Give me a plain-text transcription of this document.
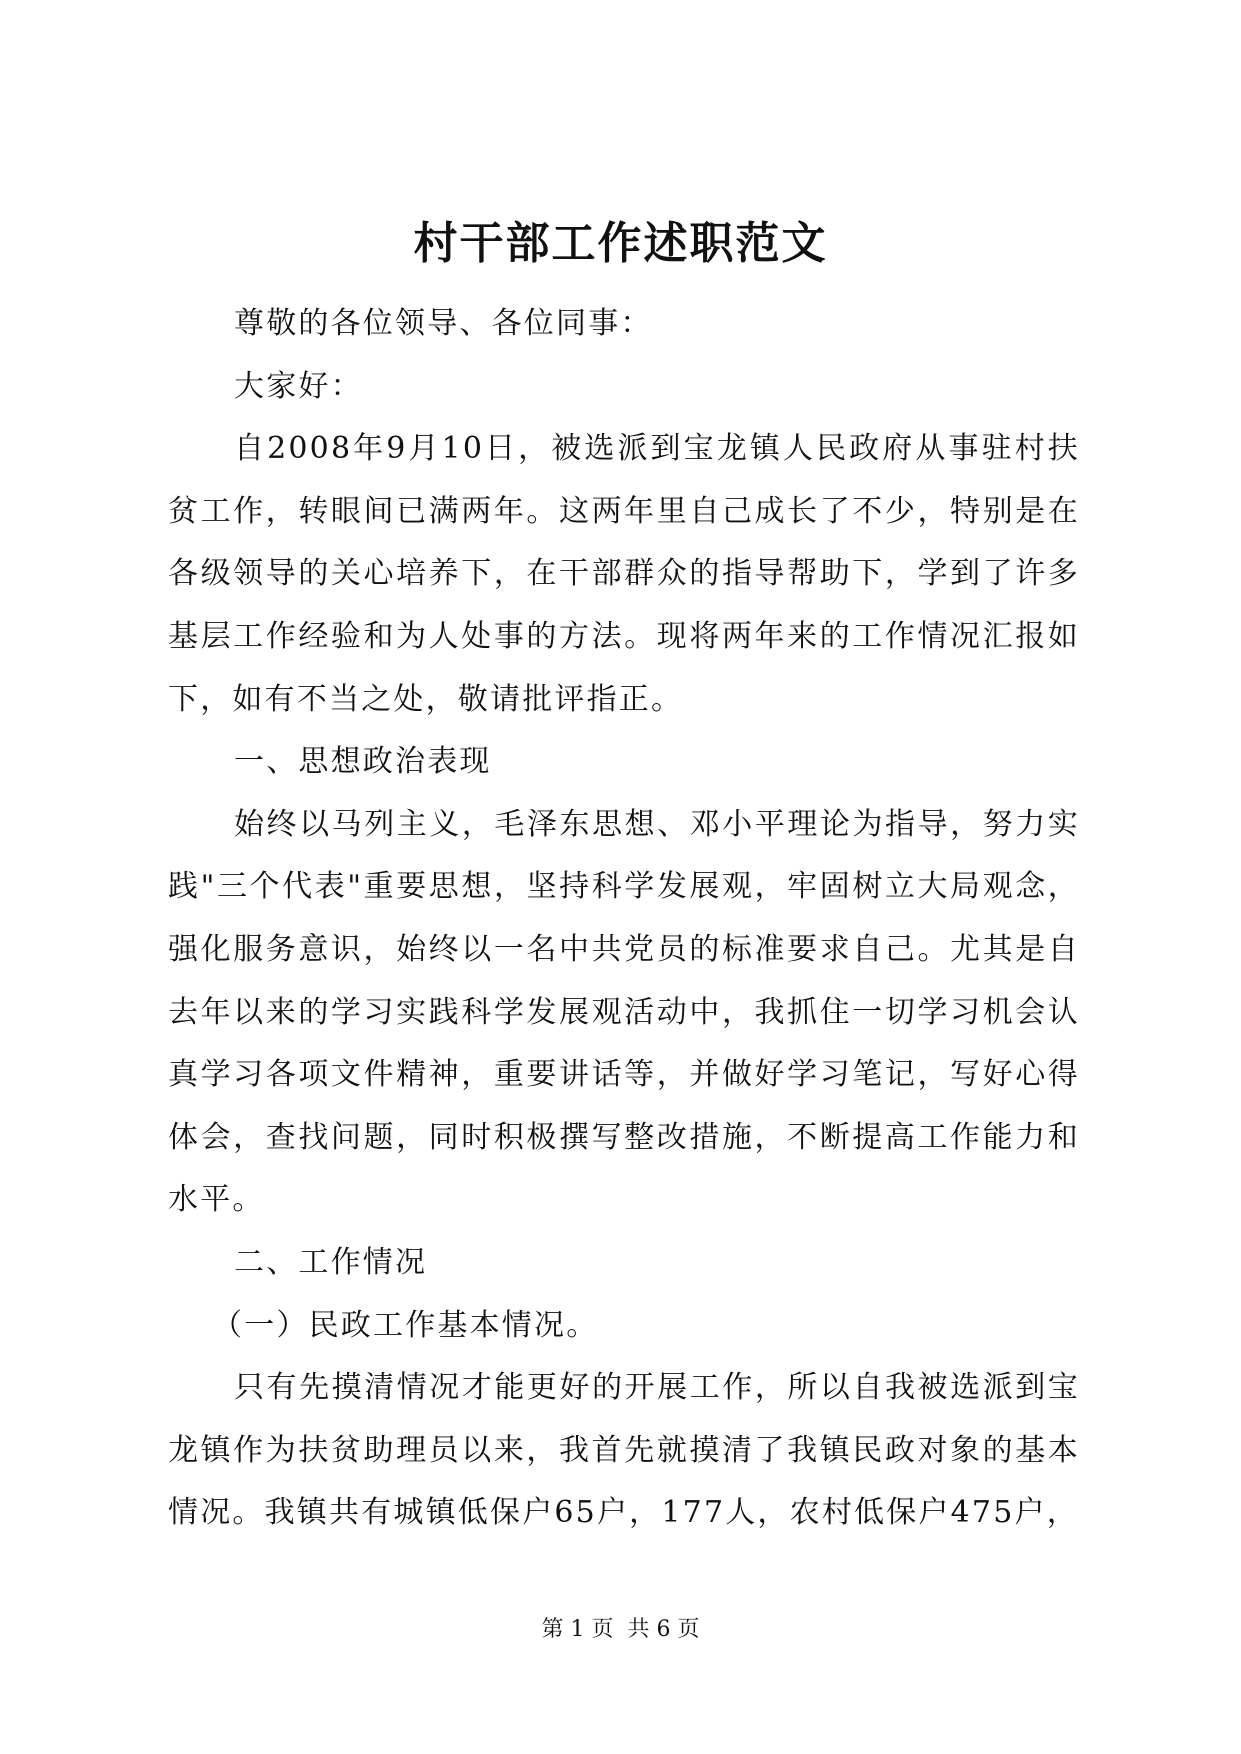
村干部工作述职范文

尊敬的各位领导、各位同事：

大家好：

自2008年9月10日，被选派到宝龙镇人民政府从事驻村扶贫工作，转眼间已满两年。这两年里自己成长了不少，特别是在各级领导的关心培养下，在干部群众的指导帮助下，学到了许多基层工作经验和为人处事的方法。现将两年来的工作情况汇报如下，如有不当之处，敬请批评指正。

一、思想政治表现

始终以马列主义，毛泽东思想、邓小平理论为指导，努力实践"三个代表"重要思想，坚持科学发展观，牢固树立大局观念，强化服务意识，始终以一名中共党员的标准要求自己。尤其是自去年以来的学习实践科学发展观活动中，我抓住一切学习机会认真学习各项文件精神，重要讲话等，并做好学习笔记，写好心得体会，查找问题，同时积极撰写整改措施，不断提高工作能力和水平。

二、工作情况

（一）民政工作基本情况。

只有先摸清情况才能更好的开展工作，所以自我被选派到宝龙镇作为扶贫助理员以来，我首先就摸清了我镇民政对象的基本情况。我镇共有城镇低保户65户，177人，农村低保户475户，

第 1 页  共 6 页
